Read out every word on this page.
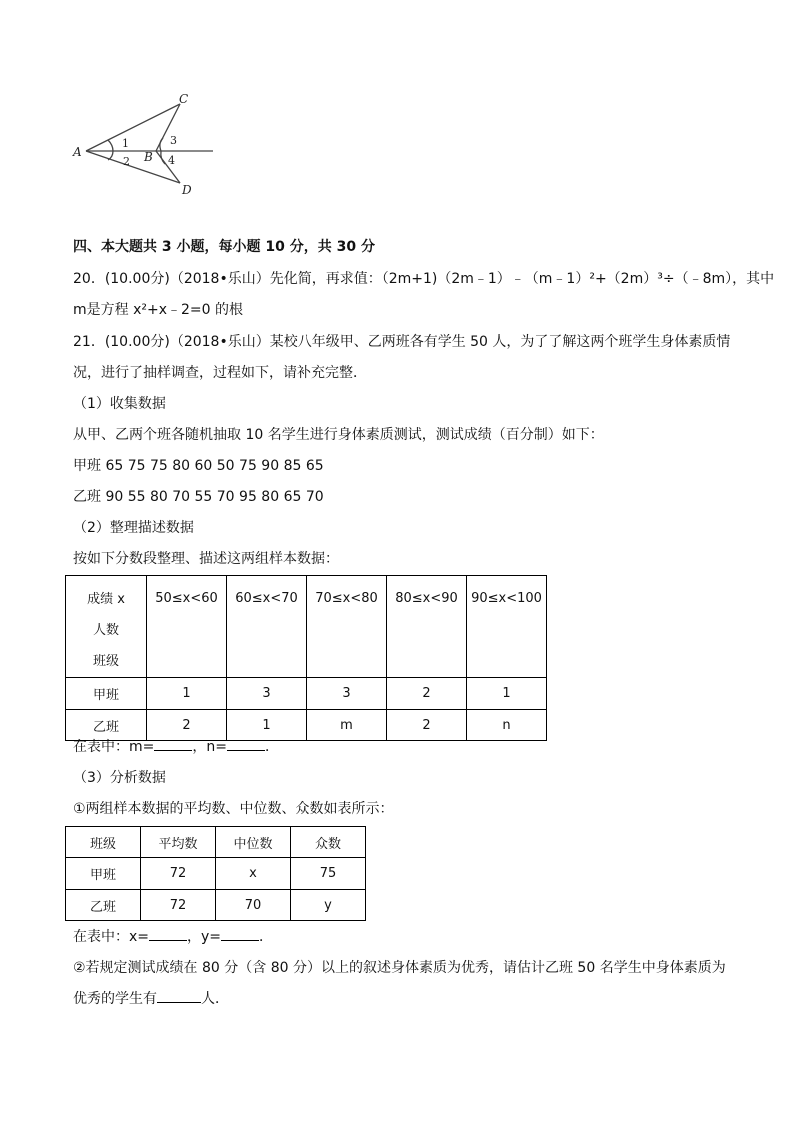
A	B
C
D
1
2
3
4
四、本大题共 3 小题，每小题 10 分，共 30 分
20．(10.00分)（2018•乐山）先化简，再求值：（2m+1)（2m﹣1）﹣（m﹣1）²+（2m）³÷（﹣8m），其中
m是方程 x²+x﹣2=0 的根
21．(10.00分)（2018•乐山）某校八年级甲、乙两班各有学生 50 人，为了了解这两个班学生身体素质情
况，进行了抽样调查，过程如下，请补充完整．
（1）收集数据
从甲、乙两个班各随机抽取 10 名学生进行身体素质测试，测试成绩（百分制）如下：
甲班 65 75 75 80 60 50 75 90 85 65
乙班 90 55 80 70 55 70 95 80 65 70
（2）整理描述数据
按如下分数段整理、描述这两组样本数据：
成绩 x
人数
班级	50≤x<60	60≤x<70	70≤x<80	80≤x<90	90≤x<100
甲班	1	3	3	2	1
乙班	2	1	m	2	n
在表中：m=	，n=	．
（3）分析数据
①两组样本数据的平均数、中位数、众数如表所示：
班级	平均数	中位数	众数
甲班	72	x	75
乙班	72	70	y
在表中：x=	，y=	．
②若规定测试成绩在 80 分（含 80 分）以上的叙述身体素质为优秀，请估计乙班 50 名学生中身体素质为
优秀的学生有	人．
